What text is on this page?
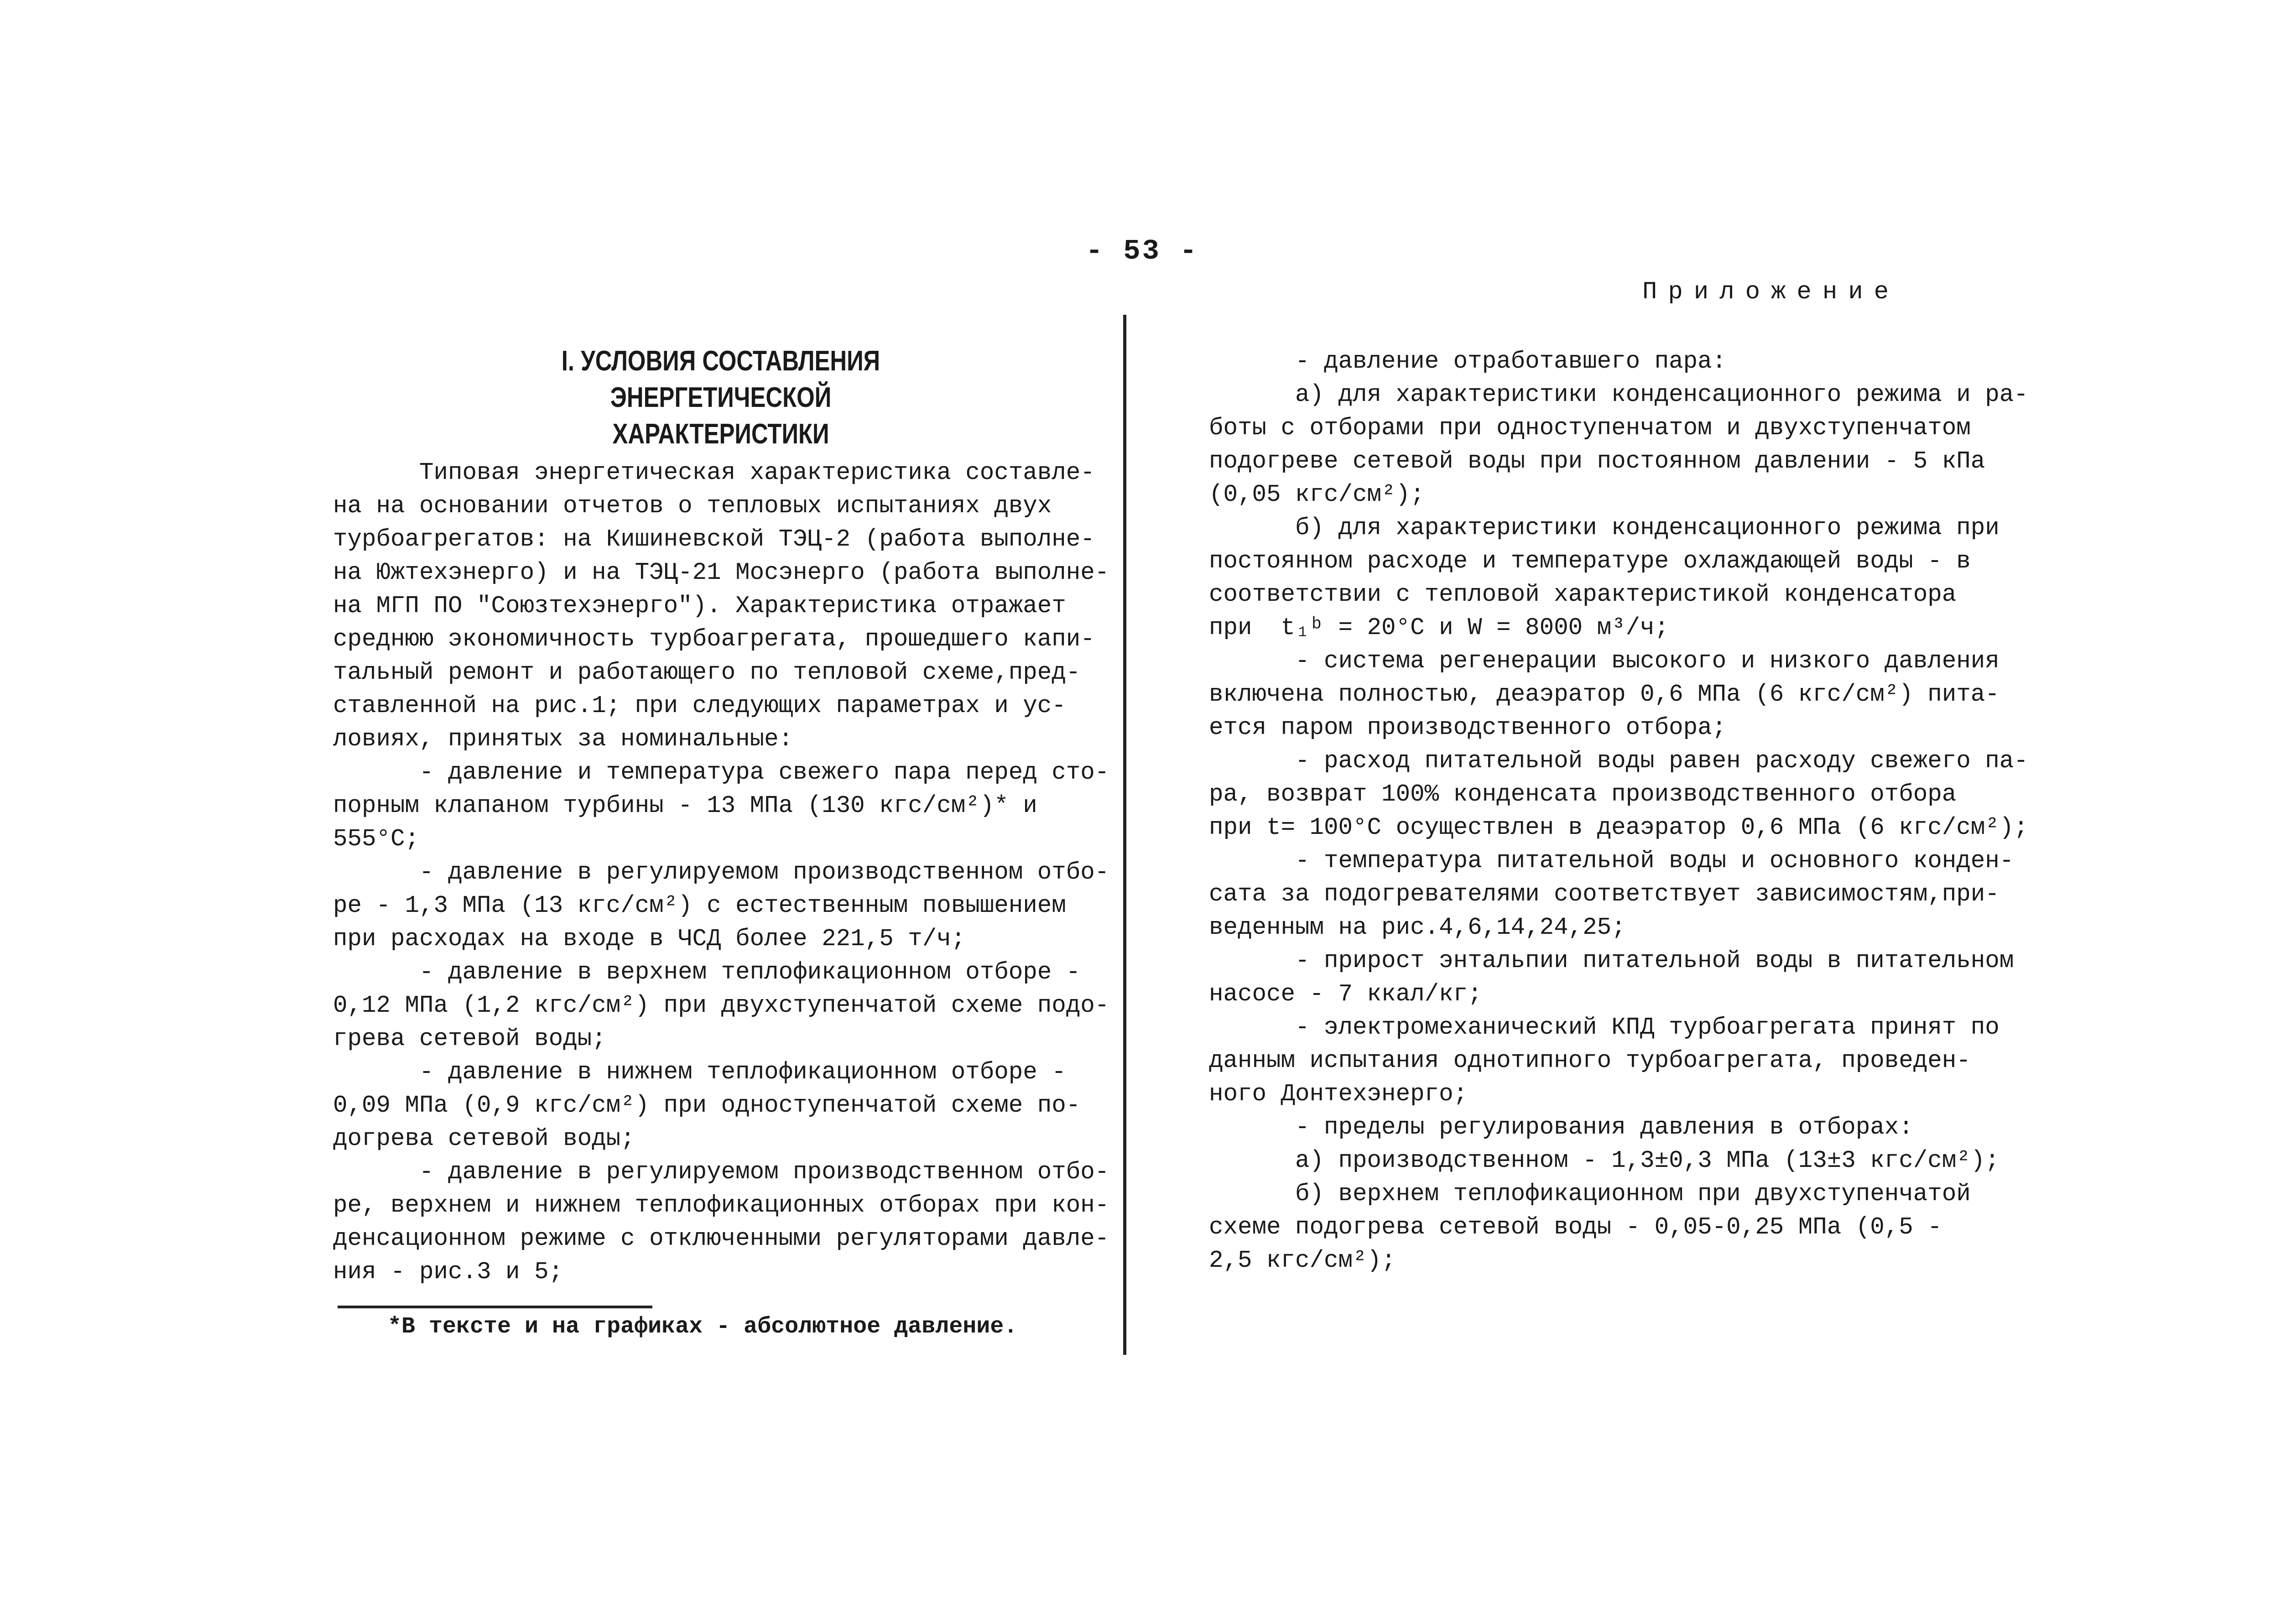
- 53 -
Приложение
I. УСЛОВИЯ СОСТАВЛЕНИЯ ЭНЕРГЕТИЧЕСКОЙ
ХАРАКТЕРИСТИКИ
Типовая энергетическая характеристика составле-
на на основании отчетов о тепловых испытаниях двух
турбоагрегатов: на Кишиневской ТЭЦ-2 (работа выполне-
на Южтехэнерго) и на ТЭЦ-21 Мосэнерго (работа выполне-
на МГП ПО "Союзтехэнерго"). Характеристика отражает
среднюю экономичность турбоагрегата, прошедшего капи-
тальный ремонт и работающего по тепловой схеме,пред-
ставленной на рис.1; при следующих параметрах и ус-
ловиях, принятых за номинальные:
- давление и температура свежего пара перед сто-
порным клапаном турбины - 13 МПа (130 кгс/см²)* и
555°С;
- давление в регулируемом производственном отбо-
ре - 1,3 МПа (13 кгс/см²) с естественным повышением
при расходах на входе в ЧСД более 221,5 т/ч;
- давление в верхнем теплофикационном отборе -
0,12 МПа (1,2 кгс/см²) при двухступенчатой схеме подо-
грева сетевой воды;
- давление в нижнем теплофикационном отборе -
0,09 МПа (0,9 кгс/см²) при одноступенчатой схеме по-
догрева сетевой воды;
- давление в регулируемом производственном отбо-
ре, верхнем и нижнем теплофикационных отборах при кон-
денсационном режиме с отключенными регуляторами давле-
ния - рис.3 и 5;
*В тексте и на графиках - абсолютное давление.
- давление отработавшего пара:
а) для характеристики конденсационного режима и ра-
боты с отборами при одноступенчатом и двухступенчатом
подогреве сетевой воды при постоянном давлении - 5 кПа
(0,05 кгс/см²);
б) для характеристики конденсационного режима при
постоянном расходе и температуре охлаждающей воды - в
соответствии с тепловой характеристикой конденсатора
при  t₁ᵇ = 20°С и W = 8000 м³/ч;
- система регенерации высокого и низкого давления
включена полностью, деаэратор 0,6 МПа (6 кгс/см²) пита-
ется паром производственного отбора;
- расход питательной воды равен расходу свежего па-
ра, возврат 100% конденсата производственного отбора
при t= 100°С осуществлен в деаэратор 0,6 МПа (6 кгс/см²);
- температура питательной воды и основного конден-
сата за подогревателями соответствует зависимостям,при-
веденным на рис.4,6,14,24,25;
- прирост энтальпии питательной воды в питательном
насосе - 7 ккал/кг;
- электромеханический КПД турбоагрегата принят по
данным испытания однотипного турбоагрегата, проведен-
ного Донтехэнерго;
- пределы регулирования давления в отборах:
а) производственном - 1,3±0,3 МПа (13±3 кгс/см²);
б) верхнем теплофикационном при двухступенчатой
схеме подогрева сетевой воды - 0,05-0,25 МПа (0,5 -
2,5 кгс/см²);
